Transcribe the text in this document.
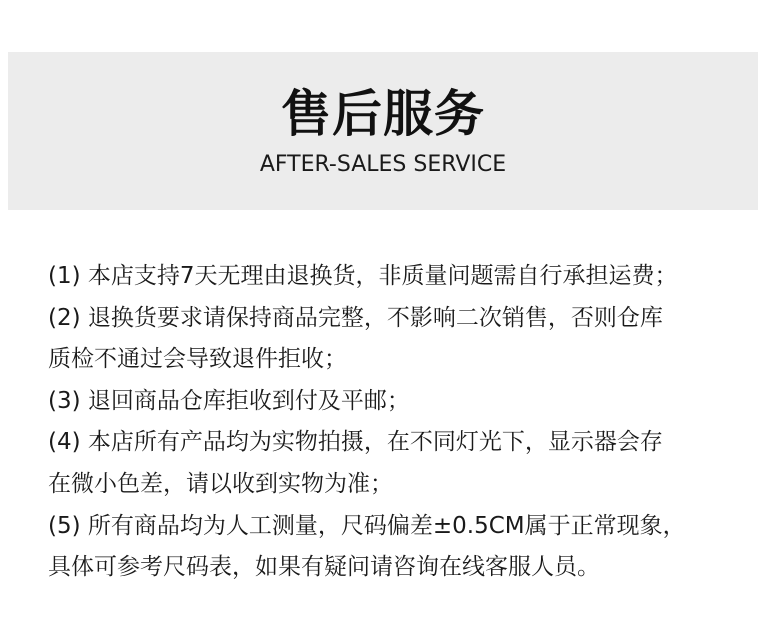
售后服务
AFTER-SALES SERVICE
(1) 本店支持7天无理由退换货，非质量问题需自行承担运费；
(2) 退换货要求请保持商品完整，不影响二次销售，否则仓库
质检不通过会导致退件拒收；
(3) 退回商品仓库拒收到付及平邮；
(4) 本店所有产品均为实物拍摄，在不同灯光下，显示器会存
在微小色差，请以收到实物为准；
(5) 所有商品均为人工测量，尺码偏差±0.5CM属于正常现象，
具体可参考尺码表，如果有疑问请咨询在线客服人员。
